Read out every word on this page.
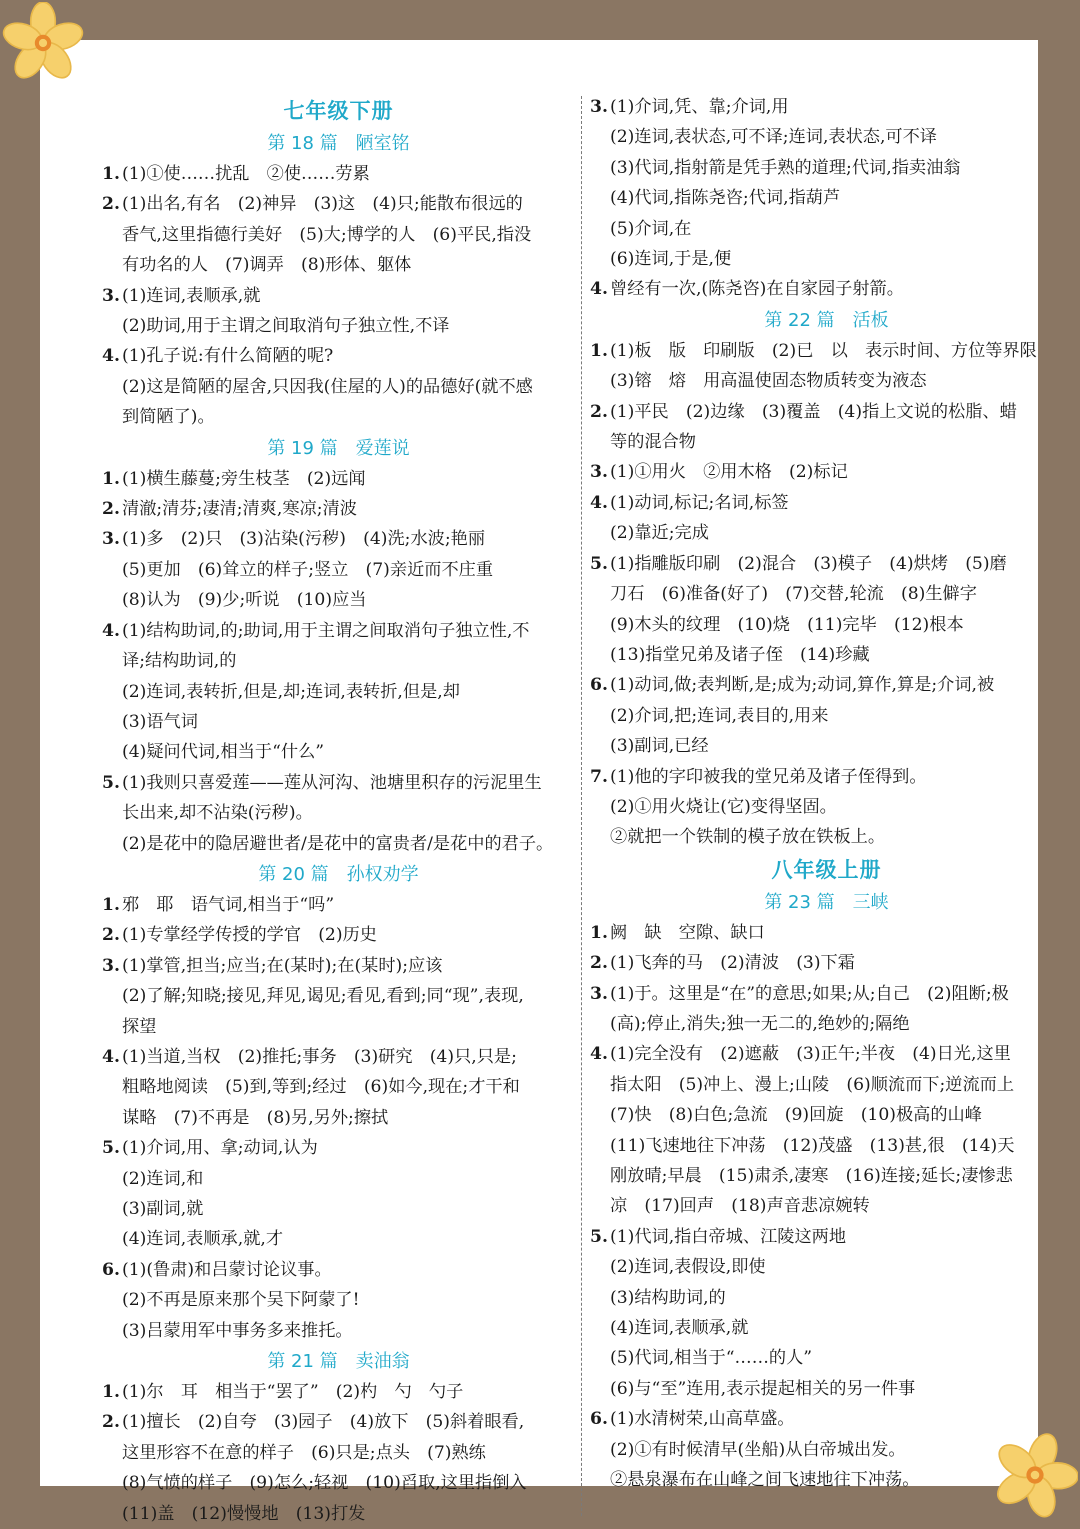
七年级下册
第 18 篇 陋室铭
1. (1)①使……扰乱　②使……劳累
2. (1)出名,有名　(2)神异　(3)这　(4)只;能散布很远的
香气,这里指德行美好　(5)大;博学的人　(6)平民,指没
有功名的人　(7)调弄　(8)形体、躯体
3. (1)连词,表顺承,就
(2)助词,用于主谓之间取消句子独立性,不译
4. (1)孔子说:有什么简陋的呢?
(2)这是简陋的屋舍,只因我(住屋的人)的品德好(就不感
到简陋了)。
第 19 篇 爱莲说
1. (1)横生藤蔓;旁生枝茎　(2)远闻
2. 清澈;清芬;凄清;清爽,寒凉;清波
3. (1)多　(2)只　(3)沾染(污秽)　(4)洗;水波;艳丽
(5)更加　(6)耸立的样子;竖立　(7)亲近而不庄重
(8)认为　(9)少;听说　(10)应当
4. (1)结构助词,的;助词,用于主谓之间取消句子独立性,不
译;结构助词,的
(2)连词,表转折,但是,却;连词,表转折,但是,却
(3)语气词
(4)疑问代词,相当于“什么”
5. (1)我则只喜爱莲——莲从河沟、池塘里积存的污泥里生
长出来,却不沾染(污秽)。
(2)是花中的隐居避世者/是花中的富贵者/是花中的君子。
第 20 篇 孙权劝学
1. 邪　耶　语气词,相当于“吗”
2. (1)专掌经学传授的学官　(2)历史
3. (1)掌管,担当;应当;在(某时);在(某时);应该
(2)了解;知晓;接见,拜见,谒见;看见,看到;同“现”,表现,
探望
4. (1)当道,当权　(2)推托;事务　(3)研究　(4)只,只是;
粗略地阅读　(5)到,等到;经过　(6)如今,现在;才干和
谋略　(7)不再是　(8)另,另外;擦拭
5. (1)介词,用、拿;动词,认为
(2)连词,和
(3)副词,就
(4)连词,表顺承,就,才
6. (1)(鲁肃)和吕蒙讨论议事。
(2)不再是原来那个吴下阿蒙了!
(3)吕蒙用军中事务多来推托。
第 21 篇 卖油翁
1. (1)尔　耳　相当于“罢了”　(2)杓　勺　勺子
2. (1)擅长　(2)自夸　(3)园子　(4)放下　(5)斜着眼看,
这里形容不在意的样子　(6)只是;点头　(7)熟练
(8)气愤的样子　(9)怎么;轻视　(10)舀取,这里指倒入
(11)盖　(12)慢慢地　(13)打发
3. (1)介词,凭、靠;介词,用
(2)连词,表状态,可不译;连词,表状态,可不译
(3)代词,指射箭是凭手熟的道理;代词,指卖油翁
(4)代词,指陈尧咨;代词,指葫芦
(5)介词,在
(6)连词,于是,便
4. 曾经有一次,(陈尧咨)在自家园子射箭。
第 22 篇 活板
1. (1)板　版　印刷版　(2)已　以　表示时间、方位等界限
(3)镕　熔　用高温使固态物质转变为液态
2. (1)平民　(2)边缘　(3)覆盖　(4)指上文说的松脂、蜡
等的混合物
3. (1)①用火　②用木格　(2)标记
4. (1)动词,标记;名词,标签
(2)靠近;完成
5. (1)指雕版印刷　(2)混合　(3)模子　(4)烘烤　(5)磨
刀石　(6)准备(好了)　(7)交替,轮流　(8)生僻字
(9)木头的纹理　(10)烧　(11)完毕　(12)根本
(13)指堂兄弟及诸子侄　(14)珍藏
6. (1)动词,做;表判断,是;成为;动词,算作,算是;介词,被
(2)介词,把;连词,表目的,用来
(3)副词,已经
7. (1)他的字印被我的堂兄弟及诸子侄得到。
(2)①用火烧让(它)变得坚固。
②就把一个铁制的模子放在铁板上。
八年级上册
第 23 篇 三峡
1. 阙　缺　空隙、缺口
2. (1)飞奔的马　(2)清波　(3)下霜
3. (1)于。这里是“在”的意思;如果;从;自己　(2)阻断;极
(高);停止,消失;独一无二的,绝妙的;隔绝
4. (1)完全没有　(2)遮蔽　(3)正午;半夜　(4)日光,这里
指太阳　(5)冲上、漫上;山陵　(6)顺流而下;逆流而上
(7)快　(8)白色;急流　(9)回旋　(10)极高的山峰
(11)飞速地往下冲荡　(12)茂盛　(13)甚,很　(14)天
刚放晴;早晨　(15)肃杀,凄寒　(16)连接;延长;凄惨悲
凉　(17)回声　(18)声音悲凉婉转
5. (1)代词,指白帝城、江陵这两地
(2)连词,表假设,即使
(3)结构助词,的
(4)连词,表顺承,就
(5)代词,相当于“……的人”
(6)与“至”连用,表示提起相关的另一件事
6. (1)水清树荣,山高草盛。
(2)①有时候清早(坐船)从白帝城出发。
②悬泉瀑布在山峰之间飞速地往下冲荡。
